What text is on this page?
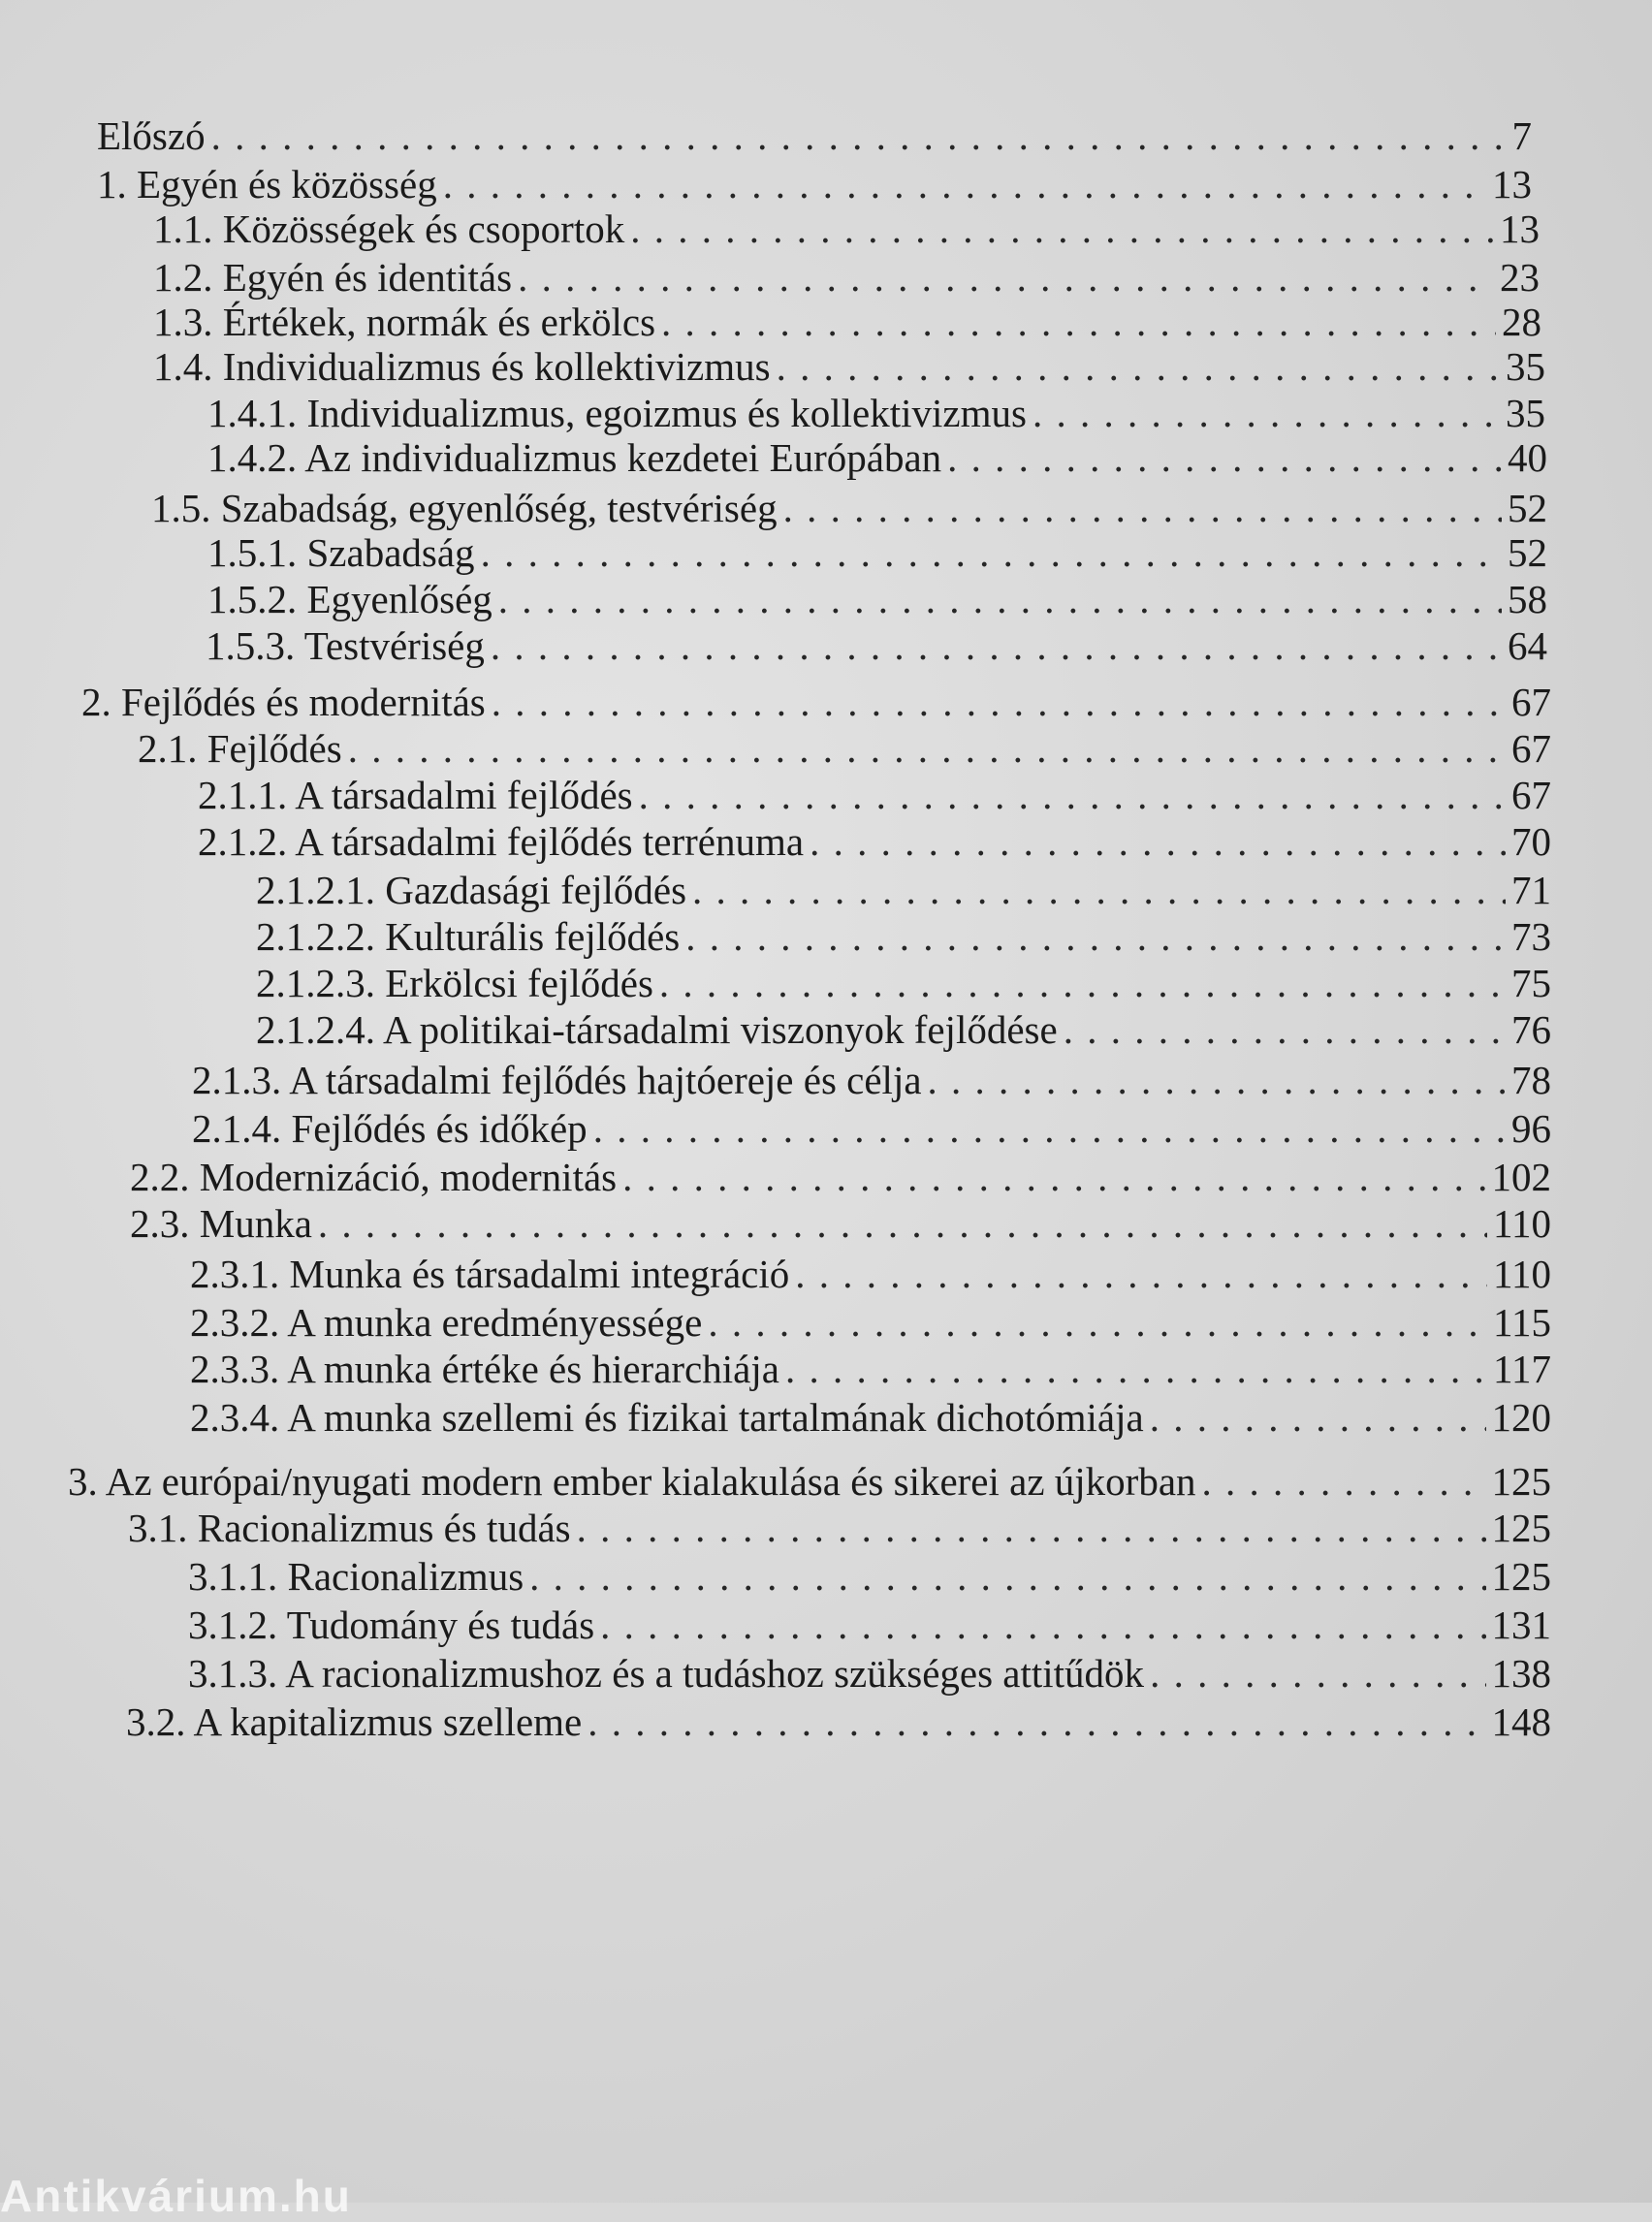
Előszó . . .	7
1. Egyén és közösség . . .	13
1.1. Közösségek és csoportok . . .	13
1.2. Egyén és identitás . . .	23
1.3. Értékek, normák és erkölcs . . .	28
1.4. Individualizmus és kollektivizmus . . .	35
1.4.1. Individualizmus, egoizmus és kollektivizmus . . .	35
1.4.2. Az individualizmus kezdetei Európában . . .	40
1.5. Szabadság, egyenlőség, testvériség . . .	52
1.5.1. Szabadság . . .	52
1.5.2. Egyenlőség . . .	58
1.5.3. Testvériség . . .	64
2. Fejlődés és modernitás . . .	67
2.1. Fejlődés . . .	67
2.1.1. A társadalmi fejlődés . . .	67
2.1.2. A társadalmi fejlődés terrénuma . . .	70
2.1.2.1. Gazdasági fejlődés . . .	71
2.1.2.2. Kulturális fejlődés . . .	73
2.1.2.3. Erkölcsi fejlődés . . .	75
2.1.2.4. A politikai-társadalmi viszonyok fejlődése . . .	76
2.1.3. A társadalmi fejlődés hajtóereje és célja . . .	78
2.1.4. Fejlődés és időkép . . .	96
2.2. Modernizáció, modernitás . . .	102
2.3. Munka . . .	110
2.3.1. Munka és társadalmi integráció . . .	110
2.3.2. A munka eredményessége . . .	115
2.3.3. A munka értéke és hierarchiája . . .	117
2.3.4. A munka szellemi és fizikai tartalmának dichotómiája . . .	120
3. Az európai/nyugati modern ember kialakulása és sikerei az újkorban . . .	125
3.1. Racionalizmus és tudás . . .	125
3.1.1. Racionalizmus . . .	125
3.1.2. Tudomány és tudás . . .	131
3.1.3. A racionalizmushoz és a tudáshoz szükséges attitűdök . . .	138
3.2. A kapitalizmus szelleme . . .	148
Antikvárium.hu
